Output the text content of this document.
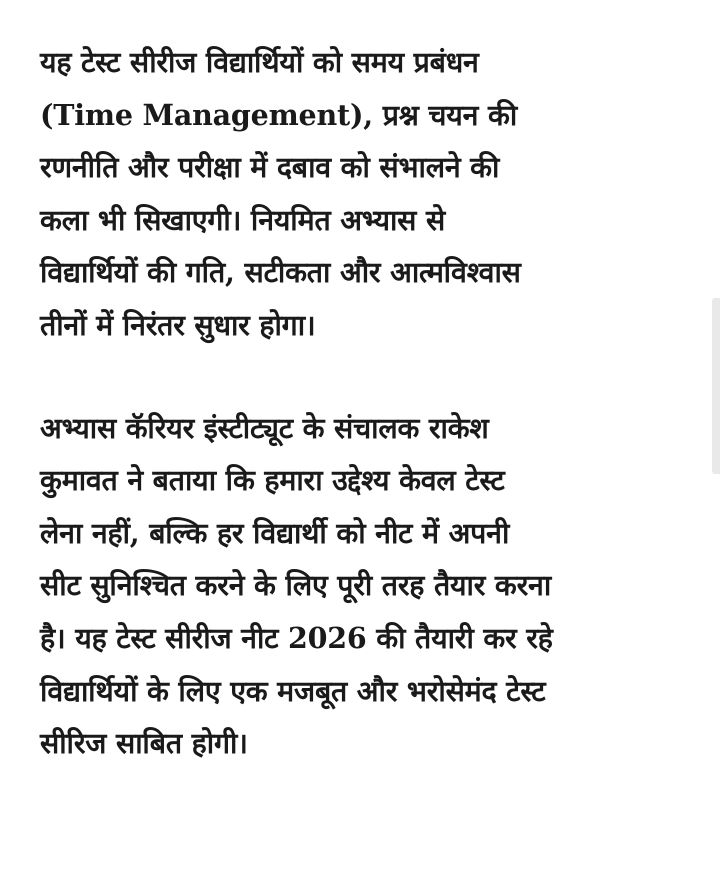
यह टेस्ट सीरीज विद्यार्थियों को समय प्रबंधन
(Time Management), प्रश्न चयन की
रणनीति और परीक्षा में दबाव को संभालने की
कला भी सिखाएगी। नियमित अभ्यास से
विद्यार्थियों की गति, सटीकता और आत्मविश्वास
तीनों में निरंतर सुधार होगा।

अभ्यास कॅरियर इंस्टीट्यूट के संचालक राकेश
कुमावत ने बताया कि हमारा उद्देश्य केवल टेस्ट
लेना नहीं, बल्कि हर विद्यार्थी को नीट में अपनी
सीट सुनिश्चित करने के लिए पूरी तरह तैयार करना
है। यह टेस्ट सीरीज नीट 2026 की तैयारी कर रहे
विद्यार्थियों के लिए एक मजबूत और भरोसेमंद टेस्ट
सीरिज साबित होगी।
